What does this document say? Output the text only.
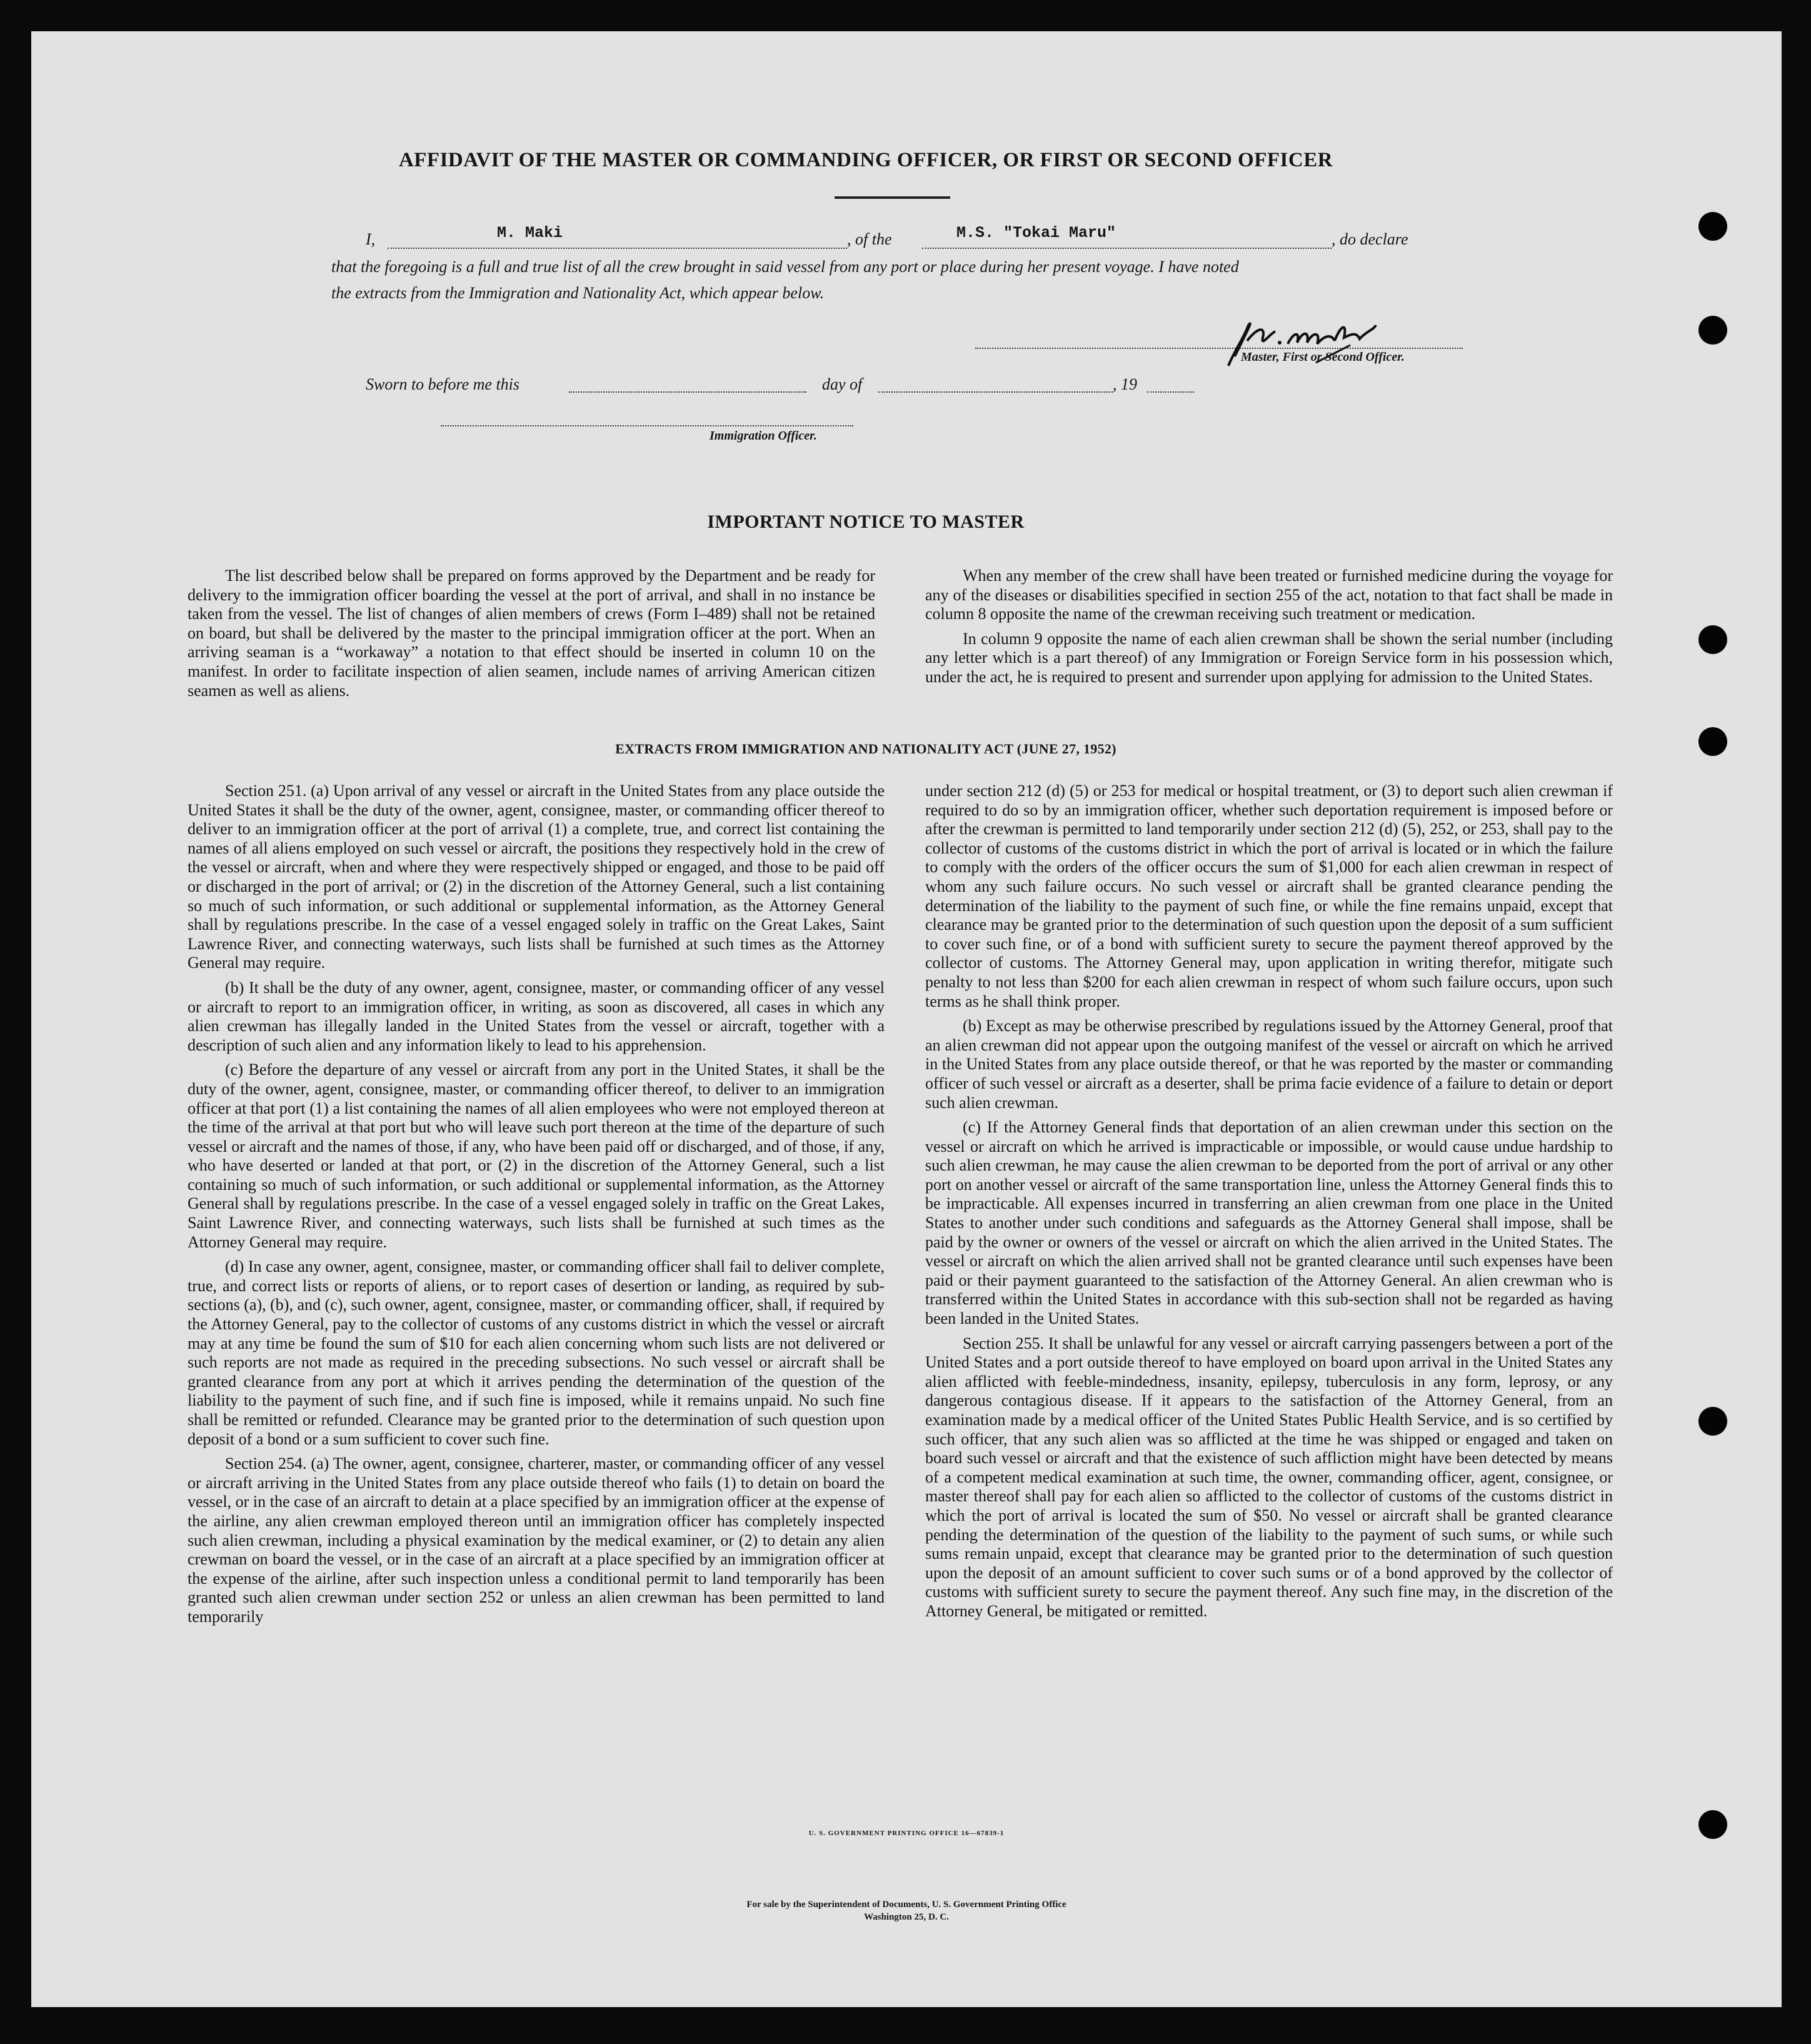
AFFIDAVIT OF THE MASTER OR COMMANDING OFFICER, OR FIRST OR SECOND OFFICER
I,	M. Maki	, of the	M.S. "Tokai Maru"	, do declare
that the foregoing is a full and true list of all the crew brought in said vessel from any port or place during her present voyage. I have noted
the extracts from the Immigration and Nationality Act, which appear below.
Master, First or Second Officer.
Sworn to before me this	day of	, 19
Immigration Officer.
IMPORTANT NOTICE TO MASTER

The list described below shall be prepared on forms approved by the Department and be ready for delivery to the immigration officer boarding the vessel at the port of arrival, and shall in no instance be taken from the vessel. The list of changes of alien members of crews (Form I–489) shall not be retained on board, but shall be delivered by the master to the principal immigration officer at the port. When an arriving seaman is a “workaway” a notation to that effect should be inserted in column 10 on the manifest. In order to facilitate inspection of alien seamen, include names of arriving American citizen seamen as well as aliens.

When any member of the crew shall have been treated or furnished medicine during the voyage for any of the diseases or disabilities specified in section 255 of the act, notation to that fact shall be made in column 8 opposite the name of the crewman receiving such treatment or medication.

In column 9 opposite the name of each alien crewman shall be shown the serial number (including any letter which is a part thereof) of any Immigration or Foreign Service form in his possession which, under the act, he is required to present and surrender upon applying for admission to the United States.

EXTRACTS FROM IMMIGRATION AND NATIONALITY ACT (JUNE 27, 1952)

Section 251. (a) Upon arrival of any vessel or aircraft in the United States from any place outside the United States it shall be the duty of the owner, agent, consignee, master, or commanding officer thereof to deliver to an immigration officer at the port of arrival (1) a complete, true, and correct list containing the names of all aliens employed on such vessel or aircraft, the positions they respectively hold in the crew of the vessel or aircraft, when and where they were respectively shipped or engaged, and those to be paid off or discharged in the port of arrival; or (2) in the discretion of the Attorney General, such a list containing so much of such information, or such additional or supplemental information, as the Attorney General shall by regulations prescribe. In the case of a vessel engaged solely in traffic on the Great Lakes, Saint Lawrence River, and connecting waterways, such lists shall be furnished at such times as the Attorney General may require.

(b) It shall be the duty of any owner, agent, consignee, master, or commanding officer of any vessel or aircraft to report to an immigration officer, in writing, as soon as discovered, all cases in which any alien crewman has illegally landed in the United States from the vessel or aircraft, together with a description of such alien and any information likely to lead to his apprehension.

(c) Before the departure of any vessel or aircraft from any port in the United States, it shall be the duty of the owner, agent, consignee, master, or commanding officer thereof, to deliver to an immigration officer at that port (1) a list containing the names of all alien employees who were not employed thereon at the time of the arrival at that port but who will leave such port thereon at the time of the departure of such vessel or aircraft and the names of those, if any, who have been paid off or discharged, and of those, if any, who have deserted or landed at that port, or (2) in the discretion of the Attorney General, such a list containing so much of such information, or such additional or supplemental information, as the Attorney General shall by regulations prescribe. In the case of a vessel engaged solely in traffic on the Great Lakes, Saint Lawrence River, and connecting waterways, such lists shall be furnished at such times as the Attorney General may require.

(d) In case any owner, agent, consignee, master, or commanding officer shall fail to deliver complete, true, and correct lists or reports of aliens, or to report cases of desertion or landing, as required by sub-sections (a), (b), and (c), such owner, agent, consignee, master, or commanding officer, shall, if required by the Attorney General, pay to the collector of customs of any customs district in which the vessel or aircraft may at any time be found the sum of $10 for each alien concerning whom such lists are not delivered or such reports are not made as required in the preceding subsections. No such vessel or aircraft shall be granted clearance from any port at which it arrives pending the determination of the question of the liability to the payment of such fine, and if such fine is imposed, while it remains unpaid. No such fine shall be remitted or refunded. Clearance may be granted prior to the determination of such question upon deposit of a bond or a sum sufficient to cover such fine.

Section 254. (a) The owner, agent, consignee, charterer, master, or commanding officer of any vessel or aircraft arriving in the United States from any place outside thereof who fails (1) to detain on board the vessel, or in the case of an aircraft to detain at a place specified by an immigration officer at the expense of the airline, any alien crewman employed thereon until an immigration officer has completely inspected such alien crewman, including a physical examination by the medical examiner, or (2) to detain any alien crewman on board the vessel, or in the case of an aircraft at a place specified by an immigration officer at the expense of the airline, after such inspection unless a conditional permit to land temporarily has been granted such alien crewman under section 252 or unless an alien crewman has been permitted to land temporarily

under section 212 (d) (5) or 253 for medical or hospital treatment, or (3) to deport such alien crewman if required to do so by an immigration officer, whether such deportation requirement is imposed before or after the crewman is permitted to land temporarily under section 212 (d) (5), 252, or 253, shall pay to the collector of customs of the customs district in which the port of arrival is located or in which the failure to comply with the orders of the officer occurs the sum of $1,000 for each alien crewman in respect of whom any such failure occurs. No such vessel or aircraft shall be granted clearance pending the determination of the liability to the payment of such fine, or while the fine remains unpaid, except that clearance may be granted prior to the determination of such question upon the deposit of a sum sufficient to cover such fine, or of a bond with sufficient surety to secure the payment thereof approved by the collector of customs. The Attorney General may, upon application in writing therefor, mitigate such penalty to not less than $200 for each alien crewman in respect of whom such failure occurs, upon such terms as he shall think proper.

(b) Except as may be otherwise prescribed by regulations issued by the Attorney General, proof that an alien crewman did not appear upon the outgoing manifest of the vessel or aircraft on which he arrived in the United States from any place outside thereof, or that he was reported by the master or commanding officer of such vessel or aircraft as a deserter, shall be prima facie evidence of a failure to detain or deport such alien crewman.

(c) If the Attorney General finds that deportation of an alien crewman under this section on the vessel or aircraft on which he arrived is impracticable or impossible, or would cause undue hardship to such alien crewman, he may cause the alien crewman to be deported from the port of arrival or any other port on another vessel or aircraft of the same transportation line, unless the Attorney General finds this to be impracticable. All expenses incurred in transferring an alien crewman from one place in the United States to another under such conditions and safeguards as the Attorney General shall impose, shall be paid by the owner or owners of the vessel or aircraft on which the alien arrived in the United States. The vessel or aircraft on which the alien arrived shall not be granted clearance until such expenses have been paid or their payment guaranteed to the satisfaction of the Attorney General. An alien crewman who is transferred within the United States in accordance with this sub-section shall not be regarded as having been landed in the United States.

Section 255. It shall be unlawful for any vessel or aircraft carrying passengers between a port of the United States and a port outside thereof to have employed on board upon arrival in the United States any alien afflicted with feeble-mindedness, insanity, epilepsy, tuberculosis in any form, leprosy, or any dangerous contagious disease. If it appears to the satisfaction of the Attorney General, from an examination made by a medical officer of the United States Public Health Service, and is so certified by such officer, that any such alien was so afflicted at the time he was shipped or engaged and taken on board such vessel or aircraft and that the existence of such affliction might have been detected by means of a competent medical examination at such time, the owner, commanding officer, agent, consignee, or master thereof shall pay for each alien so afflicted to the collector of customs of the customs district in which the port of arrival is located the sum of $50. No vessel or aircraft shall be granted clearance pending the determination of the question of the liability to the payment of such sums, or while such sums remain unpaid, except that clearance may be granted prior to the determination of such question upon the deposit of an amount sufficient to cover such sums or of a bond approved by the collector of customs with sufficient surety to secure the payment thereof. Any such fine may, in the discretion of the Attorney General, be mitigated or remitted.

U. S. GOVERNMENT PRINTING OFFICE 16—67839-1
For sale by the Superintendent of Documents, U. S. Government Printing Office
Washington 25, D. C.
